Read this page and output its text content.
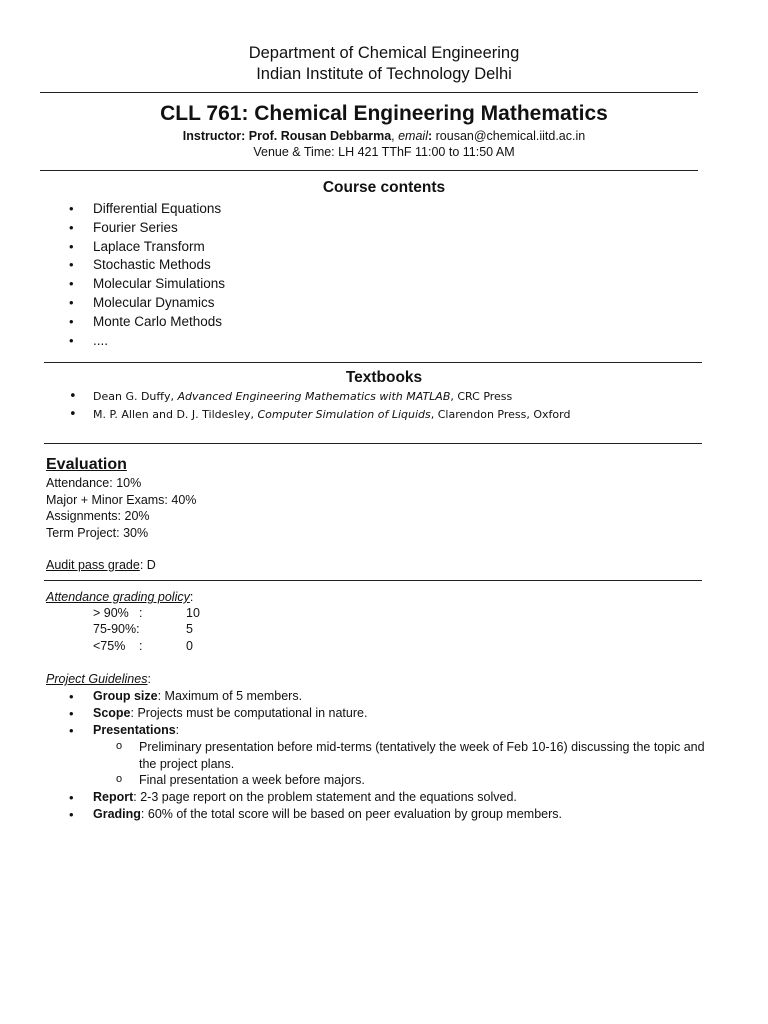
Department of Chemical Engineering
Indian Institute of Technology Delhi
CLL 761: Chemical Engineering Mathematics
Instructor: Prof. Rousan Debbarma, email: rousan@chemical.iitd.ac.in
Venue & Time: LH 421 TThF 11:00 to 11:50 AM
Course contents
• Differential Equations
• Fourier Series
• Laplace Transform
• Stochastic Methods
• Molecular Simulations
• Molecular Dynamics
• Monte Carlo Methods
• ....
Textbooks
• Dean G. Duffy, Advanced Engineering Mathematics with MATLAB, CRC Press
• M. P. Allen and D. J. Tildesley, Computer Simulation of Liquids, Clarendon Press, Oxford
Evaluation
Attendance: 10%
Major + Minor Exams: 40%
Assignments: 20%
Term Project: 30%
Audit pass grade: D
Attendance grading policy:
> 90% :	10
75-90%:	5
<75% :	0
Project Guidelines:
• Group size: Maximum of 5 members.
• Scope: Projects must be computational in nature.
• Presentations:
o Preliminary presentation before mid-terms (tentatively the week of Feb 10-16) discussing the topic and the project plans.
o Final presentation a week before majors.
• Report: 2-3 page report on the problem statement and the equations solved.
• Grading: 60% of the total score will be based on peer evaluation by group members.
